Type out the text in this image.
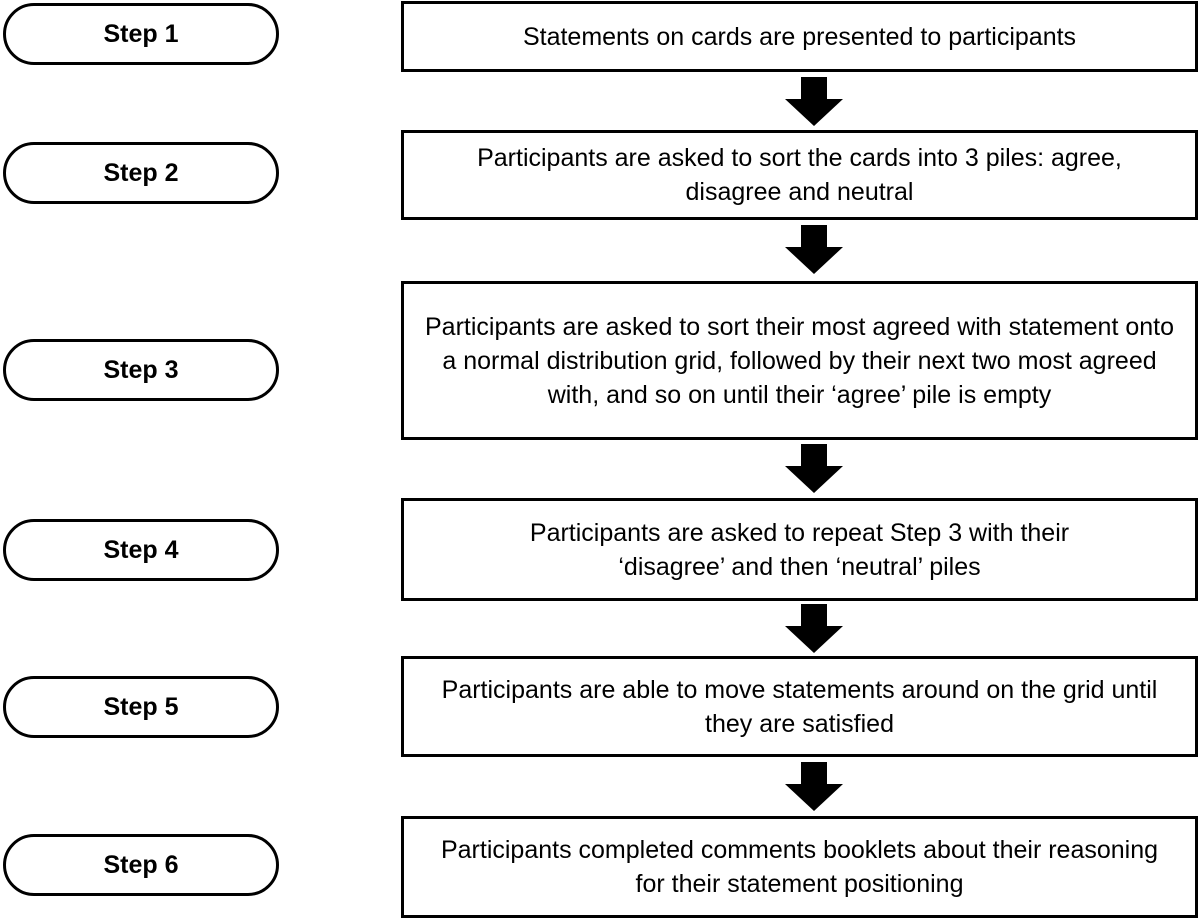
Step 1
Step 2
Step 3
Step 4
Step 5
Step 6
Statements on cards are presented to participants
Participants are asked to sort the cards into 3 piles: agree, disagree and neutral
Participants are asked to sort their most agreed with statement onto a normal distribution grid, followed by their next two most agreed with, and so on until their ‘agree’ pile is empty
Participants are asked to repeat Step 3 with their ‘disagree’ and then ‘neutral’ piles
Participants are able to move statements around on the grid until they are satisfied
Participants completed comments booklets about their reasoning for their statement positioning
